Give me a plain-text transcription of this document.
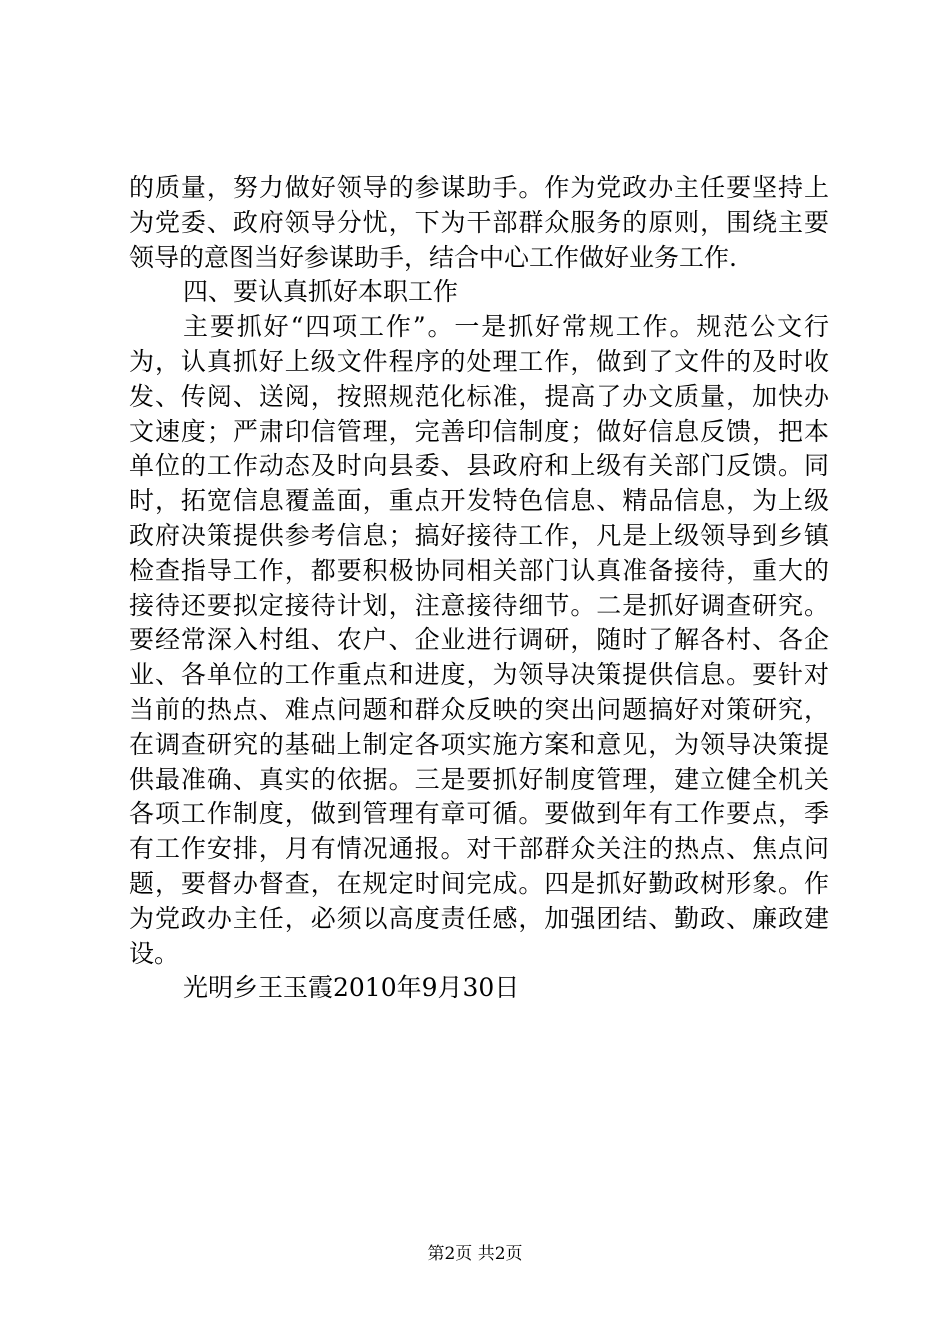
的质量，努力做好领导的参谋助手。作为党政办主任要坚持上
为党委、政府领导分忧，下为干部群众服务的原则，围绕主要
领导的意图当好参谋助手，结合中心工作做好业务工作.
四、要认真抓好本职工作
主要抓好“四项工作”。一是抓好常规工作。规范公文行
为，认真抓好上级文件程序的处理工作，做到了文件的及时收
发、传阅、送阅，按照规范化标准，提高了办文质量，加快办
文速度；严肃印信管理，完善印信制度；做好信息反馈，把本
单位的工作动态及时向县委、县政府和上级有关部门反馈。同
时，拓宽信息覆盖面，重点开发特色信息、精品信息，为上级
政府决策提供参考信息；搞好接待工作，凡是上级领导到乡镇
检查指导工作，都要积极协同相关部门认真准备接待，重大的
接待还要拟定接待计划，注意接待细节。二是抓好调查研究。
要经常深入村组、农户、企业进行调研，随时了解各村、各企
业、各单位的工作重点和进度，为领导决策提供信息。要针对
当前的热点、难点问题和群众反映的突出问题搞好对策研究，
在调查研究的基础上制定各项实施方案和意见，为领导决策提
供最准确、真实的依据。三是要抓好制度管理，建立健全机关
各项工作制度，做到管理有章可循。要做到年有工作要点，季
有工作安排，月有情况通报。对干部群众关注的热点、焦点问
题，要督办督查，在规定时间完成。四是抓好勤政树形象。作
为党政办主任，必须以高度责任感，加强团结、勤政、廉政建
设。
光明乡王玉霞2010年9月30日
第2页 共2页
